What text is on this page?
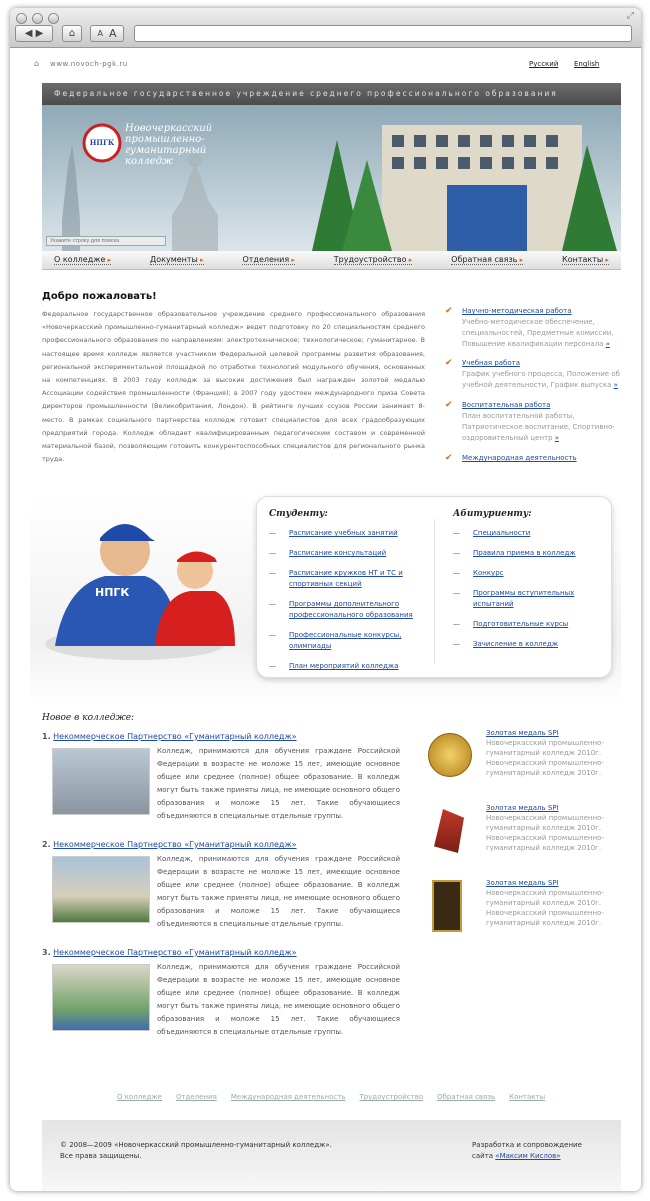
⤢
◀ ▶	⌂	A A
⌂ www.novoch-pgk.ru	Русский English
Федеральное государственное учреждение среднего профессионального образования
НПГК
Новочеркасский промышленно-гуманитарный колледж
Укажите строку для поиска
О колледже ▸	Документы ▸	Отделения ▸	Трудоустройство ▸	Обратная связь ▸	Контакты ▸
Добро пожаловать!

Федеральное государственное образовательное учреждение среднего профессионального образования «Новочеркасский промышленно-гуманитарный колледж» ведет подготовку по 20 специальностям среднего профессионального образования по направлениям: электротехническое; технологическое; гуманитарное. В настоящее время колледж является участником Федеральной целевой программы развития образования, региональной экспериментальной площадкой по отработке технологий модульного обучения, основанных на компетенциях. В 2003 году колледж за высокие достижения был награжден золотой медалью Ассоциации содействия промышленности (Франция); в 2007 году удостоен международного приза Совета директоров промышленности (Великобритания, Лондон). В рейтинге лучших ссузов России занимает 8- место. В рамках социального партнерства колледж готовит специалистов для всех градообразующих предприятий города. Колледж обладает квалифицированным педагогическим составом и современной материальной базой, позволяющим готовить конкурентоспособных специалистов для регионального рынка труда.

✔ Научно-методическая работа
Учебно-методическое обеспечение, специальностей, Предметные комиссии, Повышение квалификации персонала »
✔ Учебная работа
График учебного процесса, Положение об учебной деятельности, График выпуска »
✔ Воспитательная работа
План воспитательной работы, Патриотическое воспитание, Спортивно-оздоровительный центр »
✔ Международная деятельность
НПГК
Студенту:
— Расписание учебных занятий
— Расписание консультаций
— Расписание кружков НТ и ТС и спортивных секций
— Программы дополнительного профессионального образования
— Профессиональные конкурсы, олимпиады
— План мероприятий колледжа
Абитуриенту:
— Специальности
— Правила приема в колледж
— Конкурс
— Программы вступительных испытаний
— Подготовительные курсы
— Зачисление в колледж
Новое в колледже:
1. Некоммерческое Партнерство «Гуманитарный колледж»

Колледж, принимаются для обучения граждане Российской Федерации в возрасте не моложе 15 лет, имеющие основное общее или среднее (полное) общее образование. В колледж могут быть также приняты лица, не имеющие основного общего образования и моложе 15 лет. Такие обучающиеся объединяются в специальные отдельные группы.

2. Некоммерческое Партнерство «Гуманитарный колледж»

Колледж, принимаются для обучения граждане Российской Федерации в возрасте не моложе 15 лет, имеющие основное общее или среднее (полное) общее образование. В колледж могут быть также приняты лица, не имеющие основного общего образования и моложе 15 лет. Такие обучающиеся объединяются в специальные отдельные группы.

3. Некоммерческое Партнерство «Гуманитарный колледж»

Колледж, принимаются для обучения граждане Российской Федерации в возрасте не моложе 15 лет, имеющие основное общее или среднее (полное) общее образование. В колледж могут быть также приняты лица, не имеющие основного общего образования и моложе 15 лет. Такие обучающиеся объединяются в специальные отдельные группы.

Золотая медаль SPI
Новочеркасский промышленно-гуманитарный колледж 2010г. Новочеркасский промышленно-гуманитарный колледж 2010г.
Золотая медаль SPI
Новочеркасский промышленно-гуманитарный колледж 2010г. Новочеркасский промышленно-гуманитарный колледж 2010г.
Золотая медаль SPI
Новочеркасский промышленно-гуманитарный колледж 2010г. Новочеркасский промышленно-гуманитарный колледж 2010г.
О колледже Отделения Международная деятельность Трудоустройство Обратная связь Контакты
© 2008—2009 «Новочеркасский промышленно-гуманитарный колледж».
Все права защищены.
Разработка и сопровождение
сайта «Максим Кислов»
